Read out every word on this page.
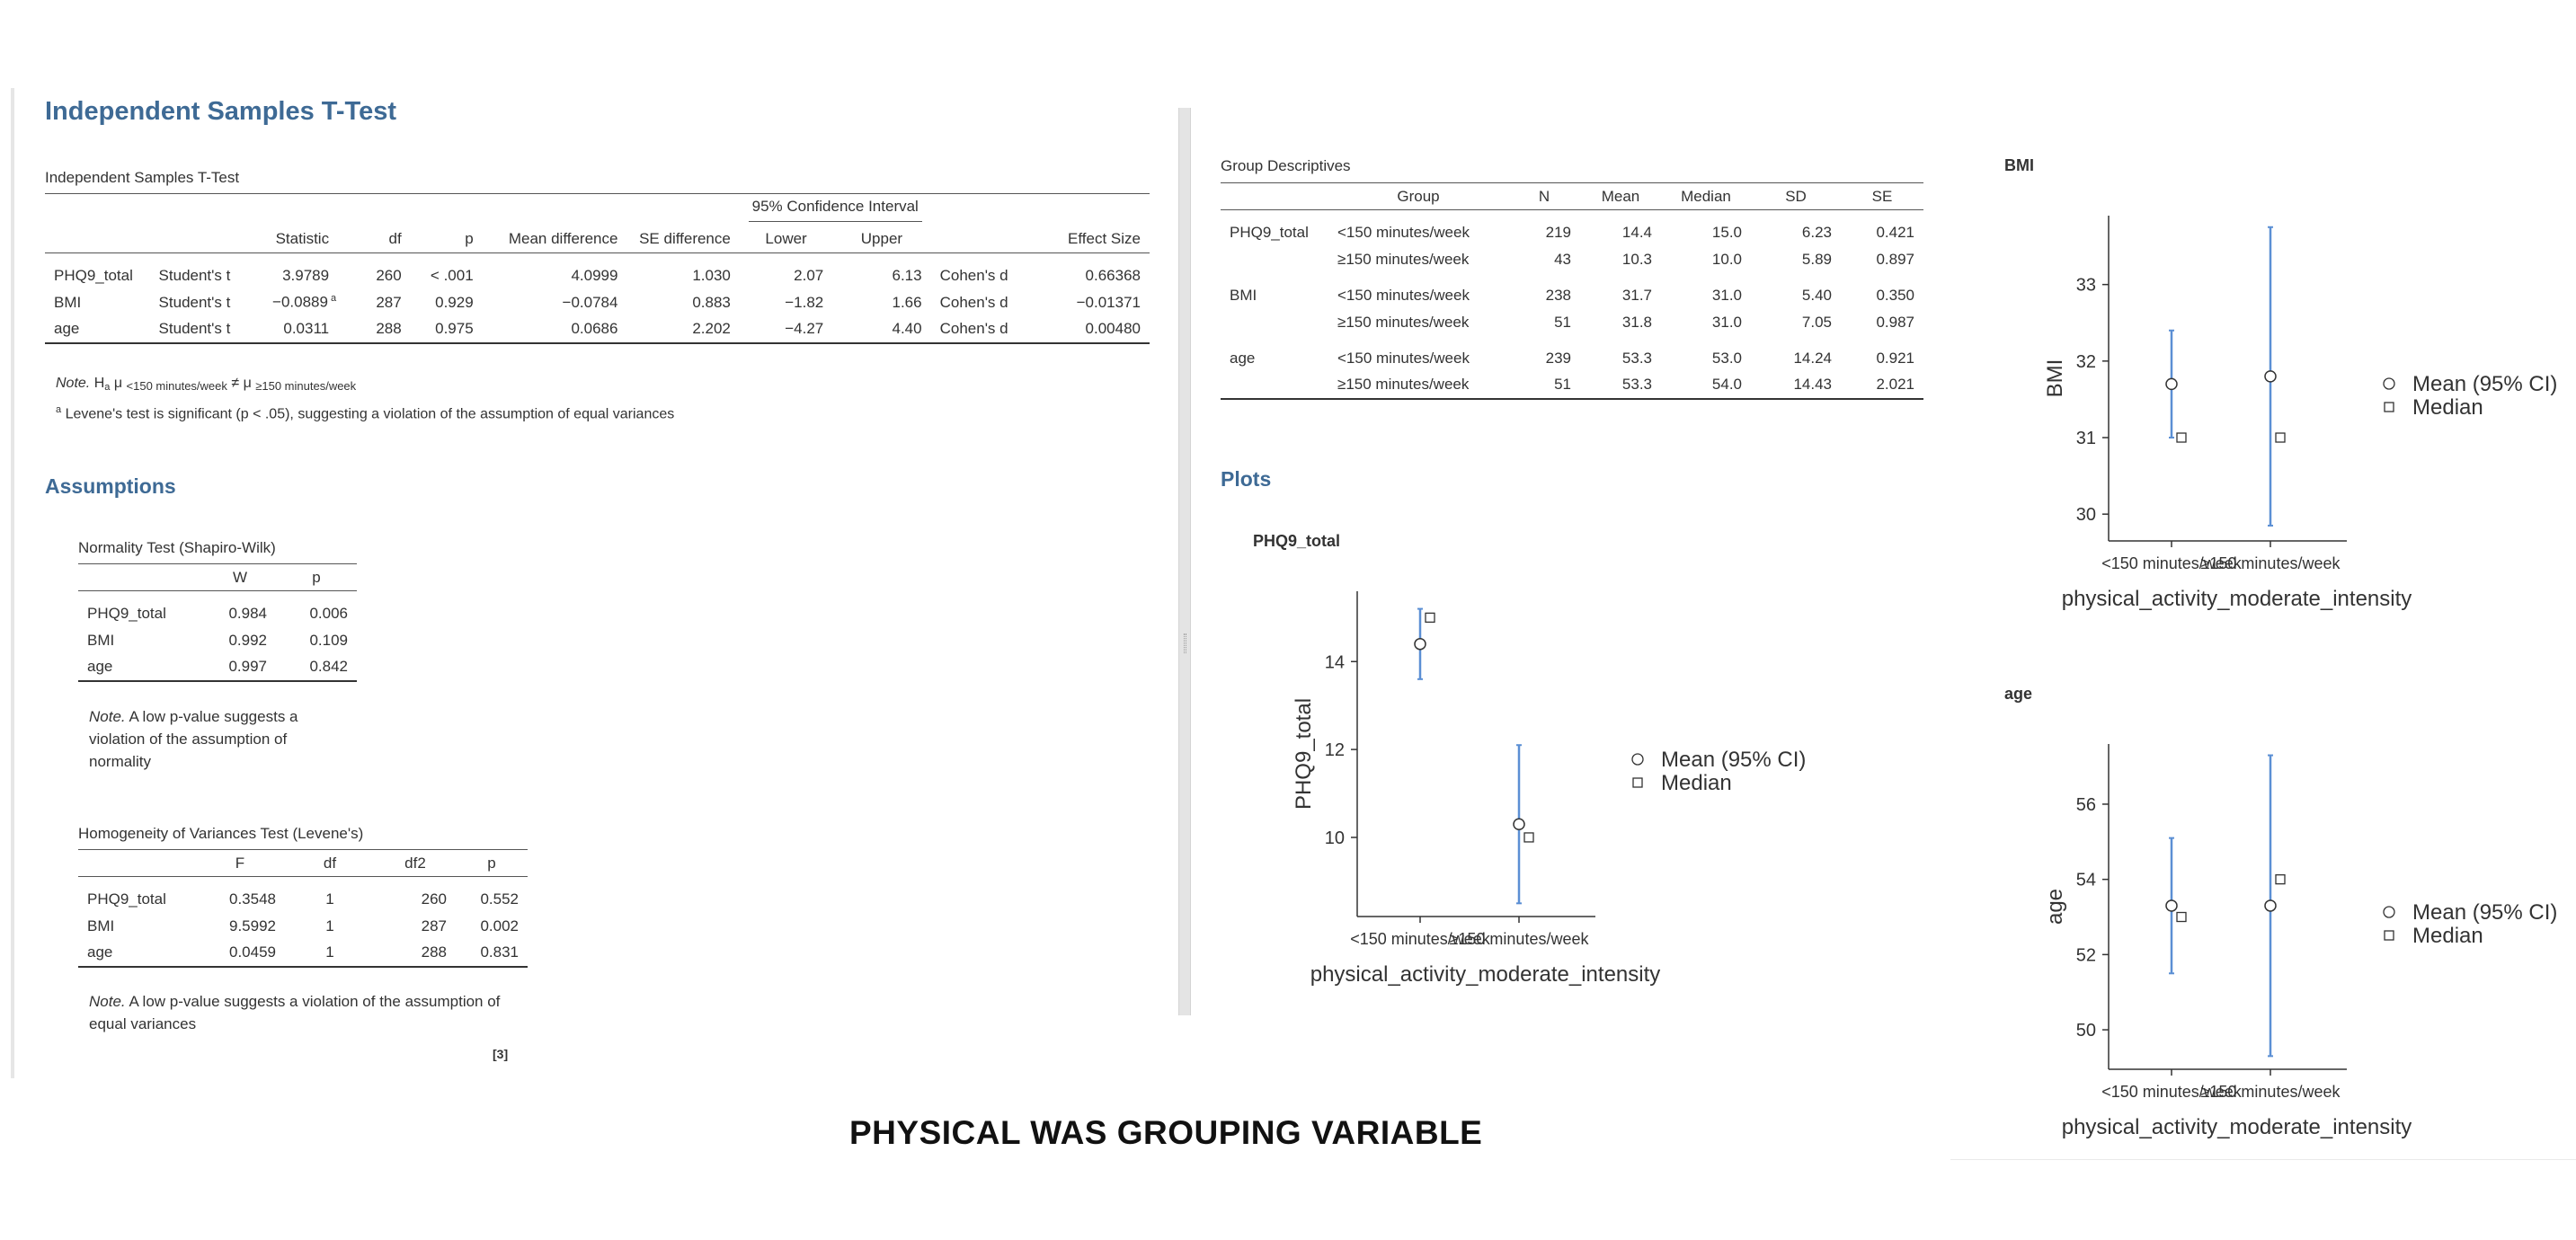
Independent Samples T-Test
Independent Samples T-Test

							95% Confidence Interval			

		Statistic	df	p	Mean difference	SE difference	Lower	Upper		Effect Size

PHQ9_total	Student's t	3.9789	260	< .001	4.0999	1.030	2.07	6.13	Cohen's d	0.66368
BMI	Student's t	−0.0889 $^a$	287	0.929	−0.0784	0.883	−1.82	1.66	Cohen's d	−0.01371
age	Student's t	0.0311	288	0.975	0.0686	2.202	−4.27	4.40	Cohen's d	0.00480
Note. $H_a$ μ $_{<150 minutes/week}$ ≠ μ $_{\ge 150 minutes/week}$
$^a$ Levene's test is significant (p < .05), suggesting a violation of the assumption of equal variances
Assumptions
Normality Test (Shapiro-Wilk)
	W	p

PHQ9_total	0.984	0.006
BMI	0.992	0.109
age	0.997	0.842
Note. A low p-value suggests a violation of the assumption of normality
Homogeneity of Variances Test (Levene's)
	F	df	df2	p

PHQ9_total	0.3548	1	260	0.552
BMI	9.5992	1	287	0.002
age	0.0459	1	288	0.831
Note. A low p-value suggests a violation of the assumption of equal variances
[3]
PHYSICAL WAS GROUPING VARIABLE
Group Descriptives
	Group	N	Mean	Median	SD	SE

PHQ9_total	<150 minutes/week	219	14.4	15.0	6.23	0.421
	≥150 minutes/week	43	10.3	10.0	5.89	0.897

BMI	<150 minutes/week	238	31.7	31.0	5.40	0.350
	≥150 minutes/week	51	31.8	31.0	7.05	0.987

age	<150 minutes/week	239	53.3	53.0	14.24	0.921
	≥150 minutes/week	51	53.3	54.0	14.43	2.021
Plots
PHQ9_total
10
12
14
<150 minutes/week
≥150 minutes/week
physical_activity_moderate_intensity
PHQ9_total	Mean (95% CI)
Median
BMI
30
31
32
33
<150 minutes/week
≥150 minutes/week
physical_activity_moderate_intensity
BMI	Mean (95% CI)
Median
age
50
52
54
56
<150 minutes/week
≥150 minutes/week
physical_activity_moderate_intensity
age	Mean (95% CI)
Median
